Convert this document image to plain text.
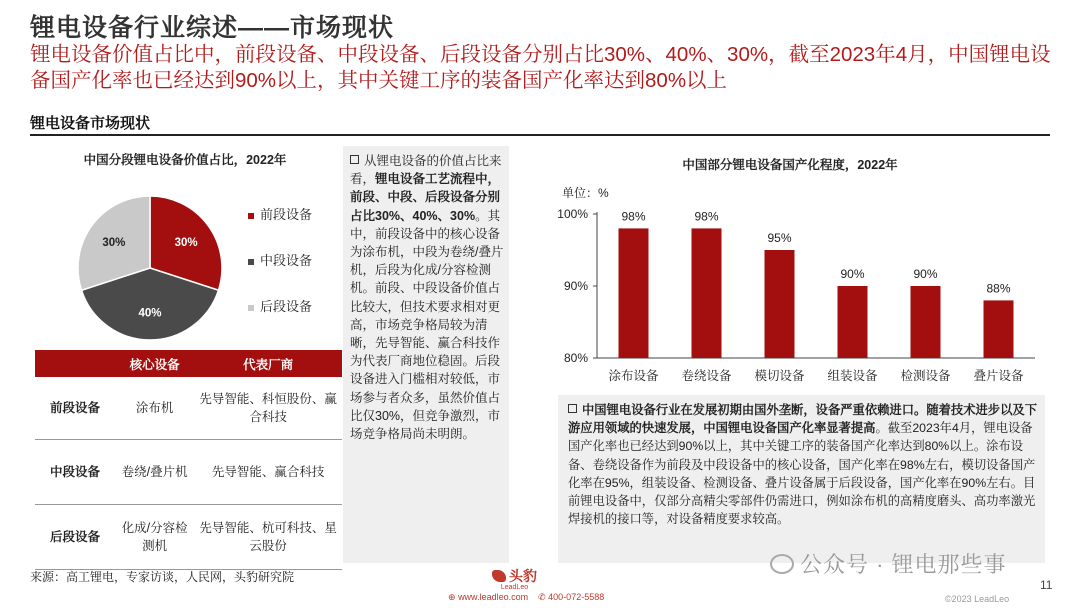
锂电设备行业综述——市场现状
锂电设备价值占比中，前段设备、中段设备、后段设备分别占比30%、40%、30%，截至2023年4月，中国锂电设备国产化率也已经达到90%以上，其中关键工序的装备国产化率达到80%以上
锂电设备市场现状
中国分段锂电设备价值占比，2022年
30%
40%
30%
前段设备
中段设备
后段设备
	核心设备	代表厂商
前段设备	涂布机	先导智能、科恒股份、赢合科技
中段设备	卷绕/叠片机	先导智能、赢合科技
后段设备	化成/分容检测机	先导智能、杭可科技、星云股份
从锂电设备的价值占比来看，锂电设备工艺流程中，前段、中段、后段设备分别占比30%、40%、30%。其中，前段设备中的核心设备为涂布机，中段为卷绕/叠片机，后段为化成/分容检测机。前段、中段设备价值占比较大，但技术要求相对更高，市场竞争格局较为清晰，先导智能、赢合科技作为代表厂商地位稳固。后段设备进入门槛相对较低，市场参与者众多，虽然价值占比仅30%，但竞争激烈，市场竞争格局尚未明朗。
中国部分锂电设备国产化程度，2022年
单位：%
80%
90%
100%	98%
涂布设备
98%
卷绕设备
95%
模切设备
90%
组装设备
90%
检测设备
88%
叠片设备
中国锂电设备行业在发展初期由国外垄断，设备严重依赖进口。随着技术进步以及下游应用领域的快速发展，中国锂电设备国产化率显著提高。截至2023年4月，锂电设备国产化率也已经达到90%以上，其中关键工序的装备国产化率达到80%以上。涂布设备、卷绕设备作为前段及中段设备中的核心设备，国产化率在98%左右，模切设备国产化率在95%，组装设备、检测设备、叠片设备属于后段设备，国产化率在90%左右。目前锂电设备中，仅部分高精尖零部件仍需进口，例如涂布机的高精度磨头、高功率激光焊接机的接口等，对设备精度要求较高。
来源：高工锂电，专家访谈，人民网，头豹研究院	头豹
LeadLeo
⊕ www.leadleo.com ✆ 400-072-5588
公众号 · 锂电那些事
11
©2023 LeadLeo
